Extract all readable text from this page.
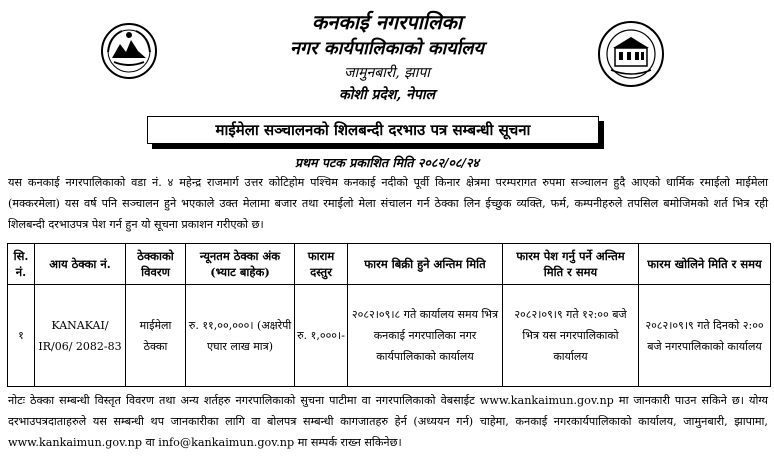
कनकाई नगरपालिका
नगर कार्यपालिकाको कार्यालय
जामुनबारी, झापा
कोशी प्रदेश, नेपाल
माईमेला सञ्चालनको शिलबन्दी दरभाउ पत्र सम्बन्धी सूचना
प्रथम पटक प्रकाशित मिति २०८२/०८/२४

यस कनकाई नगरपालिकाको वडा नं. ४ महेन्द्र राजमार्ग उत्तर कोटिहोम पश्चिम कनकाई नदीको पूर्वी किनार क्षेत्रमा परम्परागत रुपमा सञ्चालन हुदै आएको धार्मिक रमाईलो माईमेला (मक्करमेला) यस वर्ष पनि सञ्चालन हुने भएकाले उक्त मेलामा बजार तथा रमाईलो मेला संचालन गर्न ठेक्का लिन ईच्छुक व्यक्ति, फर्म, कम्पनीहरुले तपसिल बमोजिमको शर्त भित्र रही शिलबन्दी दरभाउपत्र पेश गर्न हुन यो सूचना प्रकाशन गरीएको छ।

सि. नं.	आय ठेक्का नं.	ठेक्काको विवरण	न्यूनतम ठेक्का अंक (भ्याट बाहेक)	फाराम दस्तुर	फारम बिक्री हुने अन्तिम मिति	फारम पेश गर्नु पर्ने अन्तिम मिति र समय	फारम खोलिने मिति र समय
१	KANAKAI/ IR/06/ 2082-83	माईमेला ठेक्का	रु. ११,००,०००। (अक्षरेपी एघार लाख मात्र)	रु. १,०००।-	२०८२।०९।८ गते कार्यालय समय भित्र कनकाई नगरपालिका नगर कार्यपालिकाको कार्यालय	२०८२।०९।९ गते १२:०० बजे भित्र यस नगरपालिकाको कार्यालय	२०८२।०९।९ गते दिनको २:०० बजे नगरपालिकाको कार्यालय

नोटः ठेक्का सम्बन्धी विस्तृत विवरण तथा अन्य शर्तहरु नगरपालिकाको सुचना पाटीमा वा नगरपालिकाको वेबसाईट www.kankaimun.gov.np मा जानकारी पाउन सकिने छ। योग्य दरभाउपत्रदाताहरुले यस सम्बन्धी थप जानकारीका लागि वा बोलपत्र सम्बन्धी कागजातहरु हेर्न (अध्ययन गर्न) चाहेमा, कनकाई नगरकार्यपालिकाको कार्यालय, जामुनबारी, झापामा, www.kankaimun.gov.np वा info@kankaimun.gov.np मा सम्पर्क राख्न सकिनेछ।
